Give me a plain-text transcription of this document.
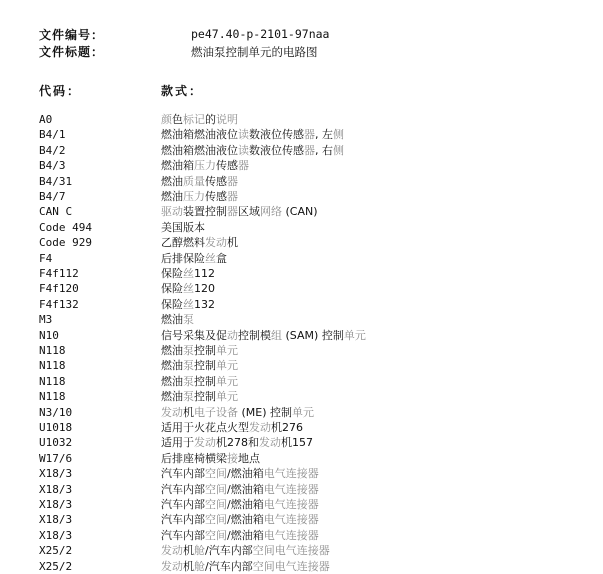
文件编号：	pe47.40-p-2101-97naa
文件标题：	燃油泵控制单元的电路图
代码：	款式：
A0	颜色标记的说明
B4/1	燃油箱燃油液位读数液位传感器, 左侧
B4/2	燃油箱燃油液位读数液位传感器, 右侧
B4/3	燃油箱压力传感器
B4/31	燃油质量传感器
B4/7	燃油压力传感器
CAN C	驱动装置控制器区域网络 (CAN)
Code 494	美国版本
Code 929	乙醇燃料发动机
F4	后排保险丝盒
F4f112	保险丝112
F4f120	保险丝120
F4f132	保险丝132
M3	燃油泵
N10	信号采集及促动控制模组 (SAM) 控制单元
N118	燃油泵控制单元
N118	燃油泵控制单元
N118	燃油泵控制单元
N118	燃油泵控制单元
N3/10	发动机电子设备 (ME) 控制单元
U1018	适用于火花点火型发动机276
U1032	适用于发动机278和发动机157
W17/6	后排座椅横梁接地点
X18/3	汽车内部空间/燃油箱电气连接器
X18/3	汽车内部空间/燃油箱电气连接器
X18/3	汽车内部空间/燃油箱电气连接器
X18/3	汽车内部空间/燃油箱电气连接器
X18/3	汽车内部空间/燃油箱电气连接器
X25/2	发动机舱/汽车内部空间电气连接器
X25/2	发动机舱/汽车内部空间电气连接器
